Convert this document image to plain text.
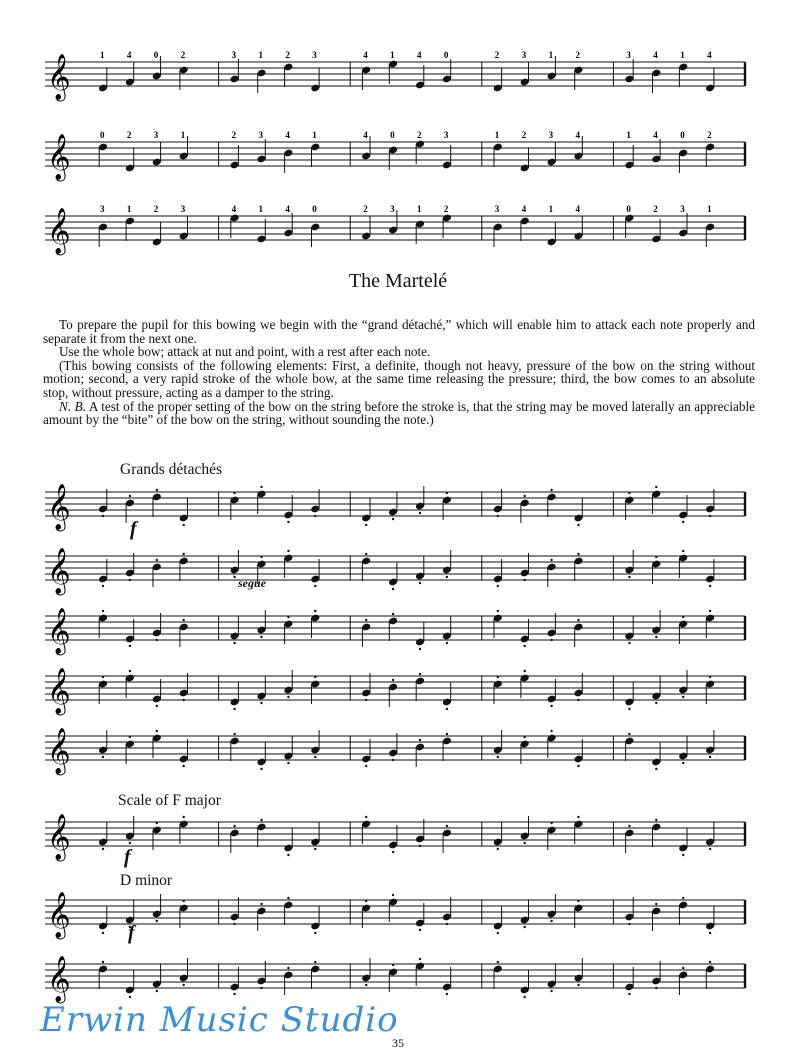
𝄞	1 4 0 2	3 1 2 3	4 1 4 0	2 3 1 2	3 4 1 4
𝄞	0 2 3 1	2 3 4 1	4 0 2 3	1 2 3 4	1 4 0 2
𝄞	3 1 2 3	4 1 4 0	2 3 1 2	3 4 1 4	0 2 3 1
The Martelé

To prepare the pupil for this bowing we begin with the “grand détaché,” which will enable him to attack each note properly and separate it from the next one.

Use the whole bow; attack at nut and point, with a rest after each note.

(This bowing consists of the following elements: First, a definite, though not heavy, pressure of the bow on the string without motion; second, a very rapid stroke of the whole bow, at the same time releasing the pressure; third, the bow comes to an absolute stop, without pressure, acting as a damper to the string.

N. B. A test of the proper setting of the bow on the string before the stroke is, that the string may be moved laterally an appreciable amount by the “bite” of the bow on the string, without sounding the note.)

Grands détachés
𝄞	f
𝄞	segue
𝄞
𝄞
𝄞
Scale of F major
𝄞	f
D minor
𝄞	f
𝄞
Erwin Music Studio
35
